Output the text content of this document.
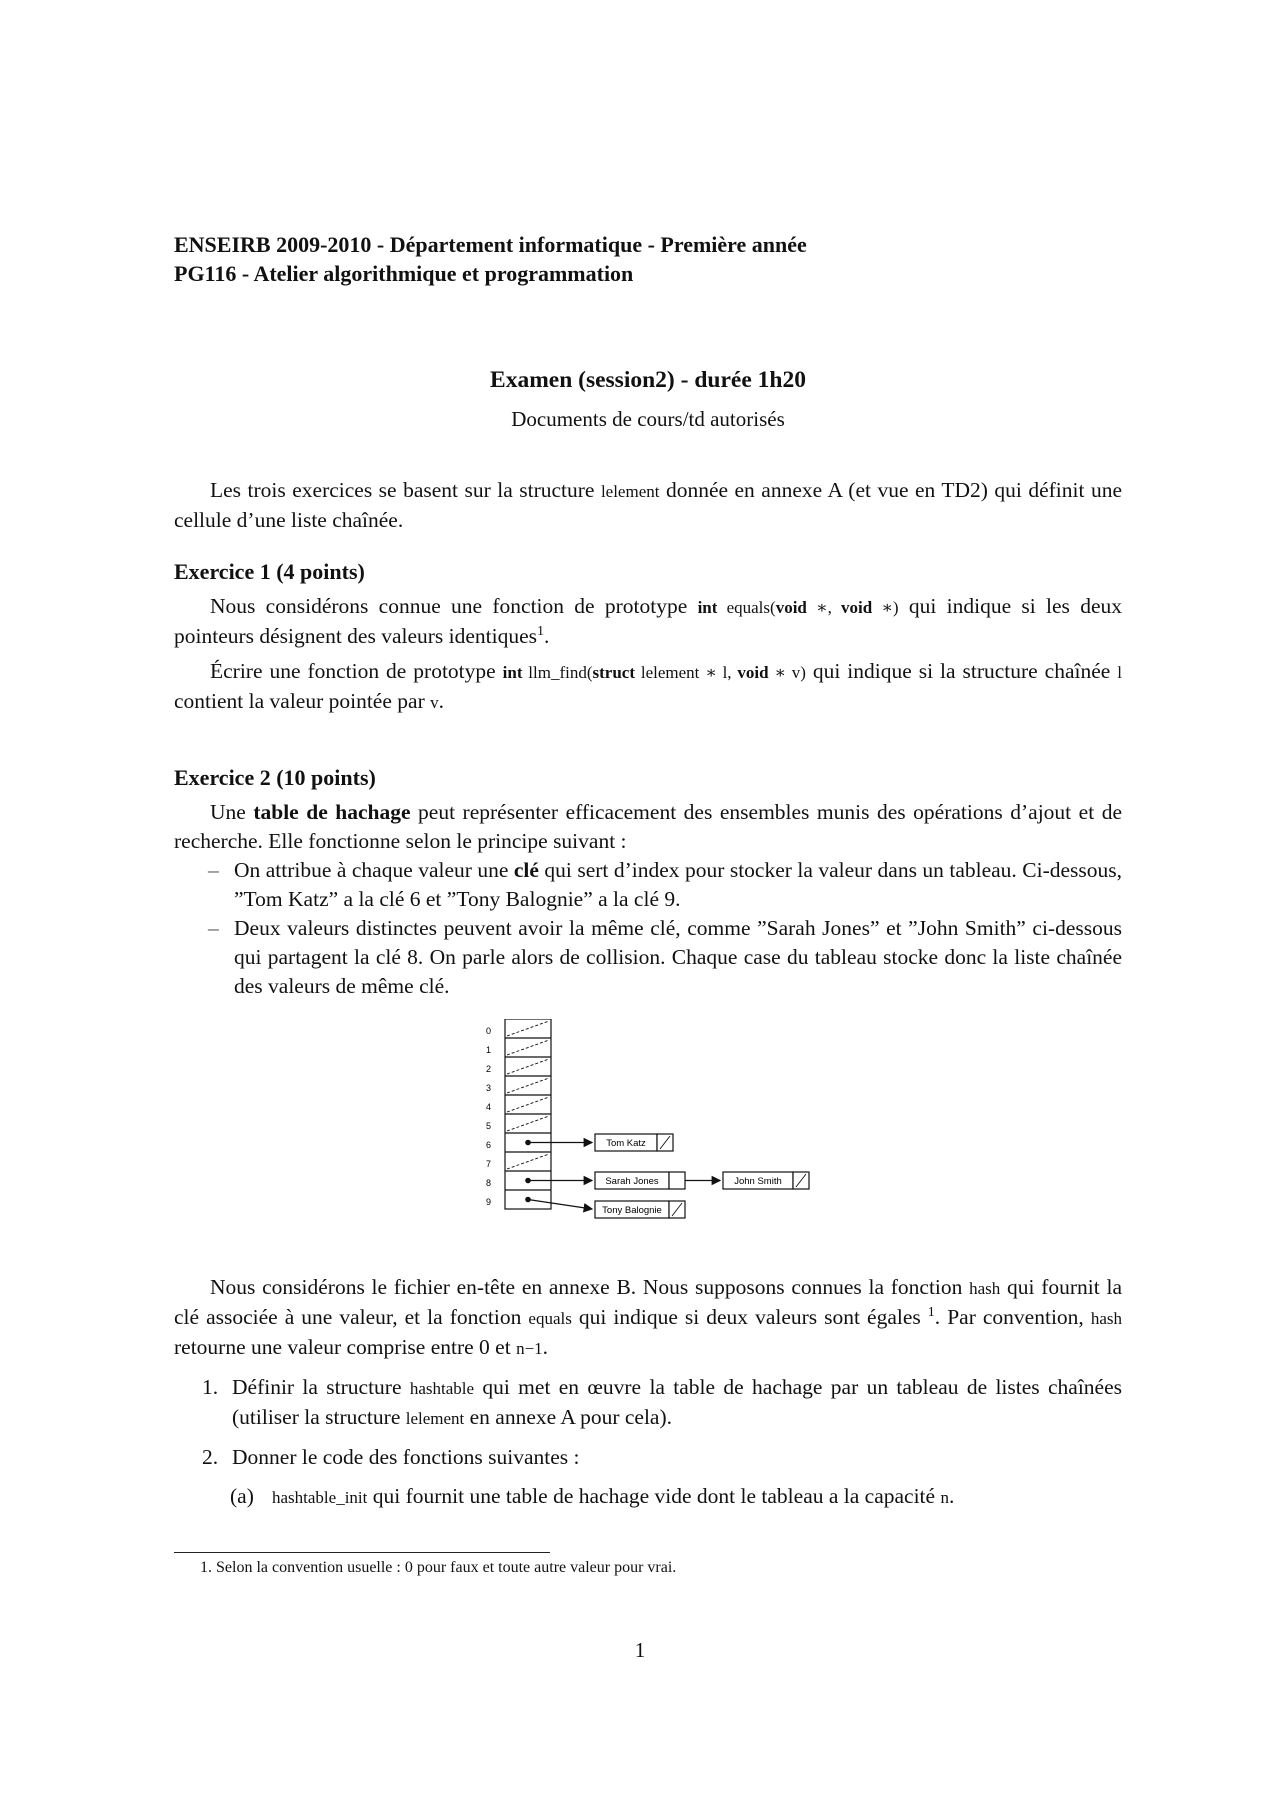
ENSEIRB 2009-2010 - Département informatique - Première année
PG116 - Atelier algorithmique et programmation
Examen (session2) - durée 1h20
Documents de cours/td autorisés

Les trois exercices se basent sur la structure lelement donnée en annexe A (et vue en TD2) qui définit une cellule d’une liste chaînée.

Exercice 1 (4 points)

Nous considérons connue une fonction de prototype int equals(void ∗, void ∗) qui indique si les deux pointeurs désignent des valeurs identiques$^1$.

Écrire une fonction de prototype int llm_find(struct lelement ∗ l, void ∗ v) qui indique si la structure chaînée l contient la valeur pointée par v.

Exercice 2 (10 points)

Une table de hachage peut représenter efficacement des ensembles munis des opérations d’ajout et de recherche. Elle fonctionne selon le principe suivant :

– On attribue à chaque valeur une clé qui sert d’index pour stocker la valeur dans un tableau. Ci-dessous, ”Tom Katz” a la clé 6 et ”Tony Balognie” a la clé 9.
– Deux valeurs distinctes peuvent avoir la même clé, comme ”Sarah Jones” et ”John Smith” ci-dessous qui partagent la clé 8. On parle alors de collision. Chaque case du tableau stocke donc la liste chaînée des valeurs de même clé.
0
1
2
3
4
5
6
7
8
9
Tom Katz
Sarah Jones	John Smith
Tony Balognie

Nous considérons le fichier en-tête en annexe B. Nous supposons connues la fonction hash qui fournit la clé associée à une valeur, et la fonction equals qui indique si deux valeurs sont égales $^1$. Par convention, hash retourne une valeur comprise entre 0 et n−1.

1. Définir la structure hashtable qui met en œuvre la table de hachage par un tableau de listes chaînées (utiliser la structure lelement en annexe A pour cela).
2. Donner le code des fonctions suivantes :
(a)	hashtable_init qui fournit une table de hachage vide dont le tableau a la capacité n.
1. Selon la convention usuelle : 0 pour faux et toute autre valeur pour vrai.
1
